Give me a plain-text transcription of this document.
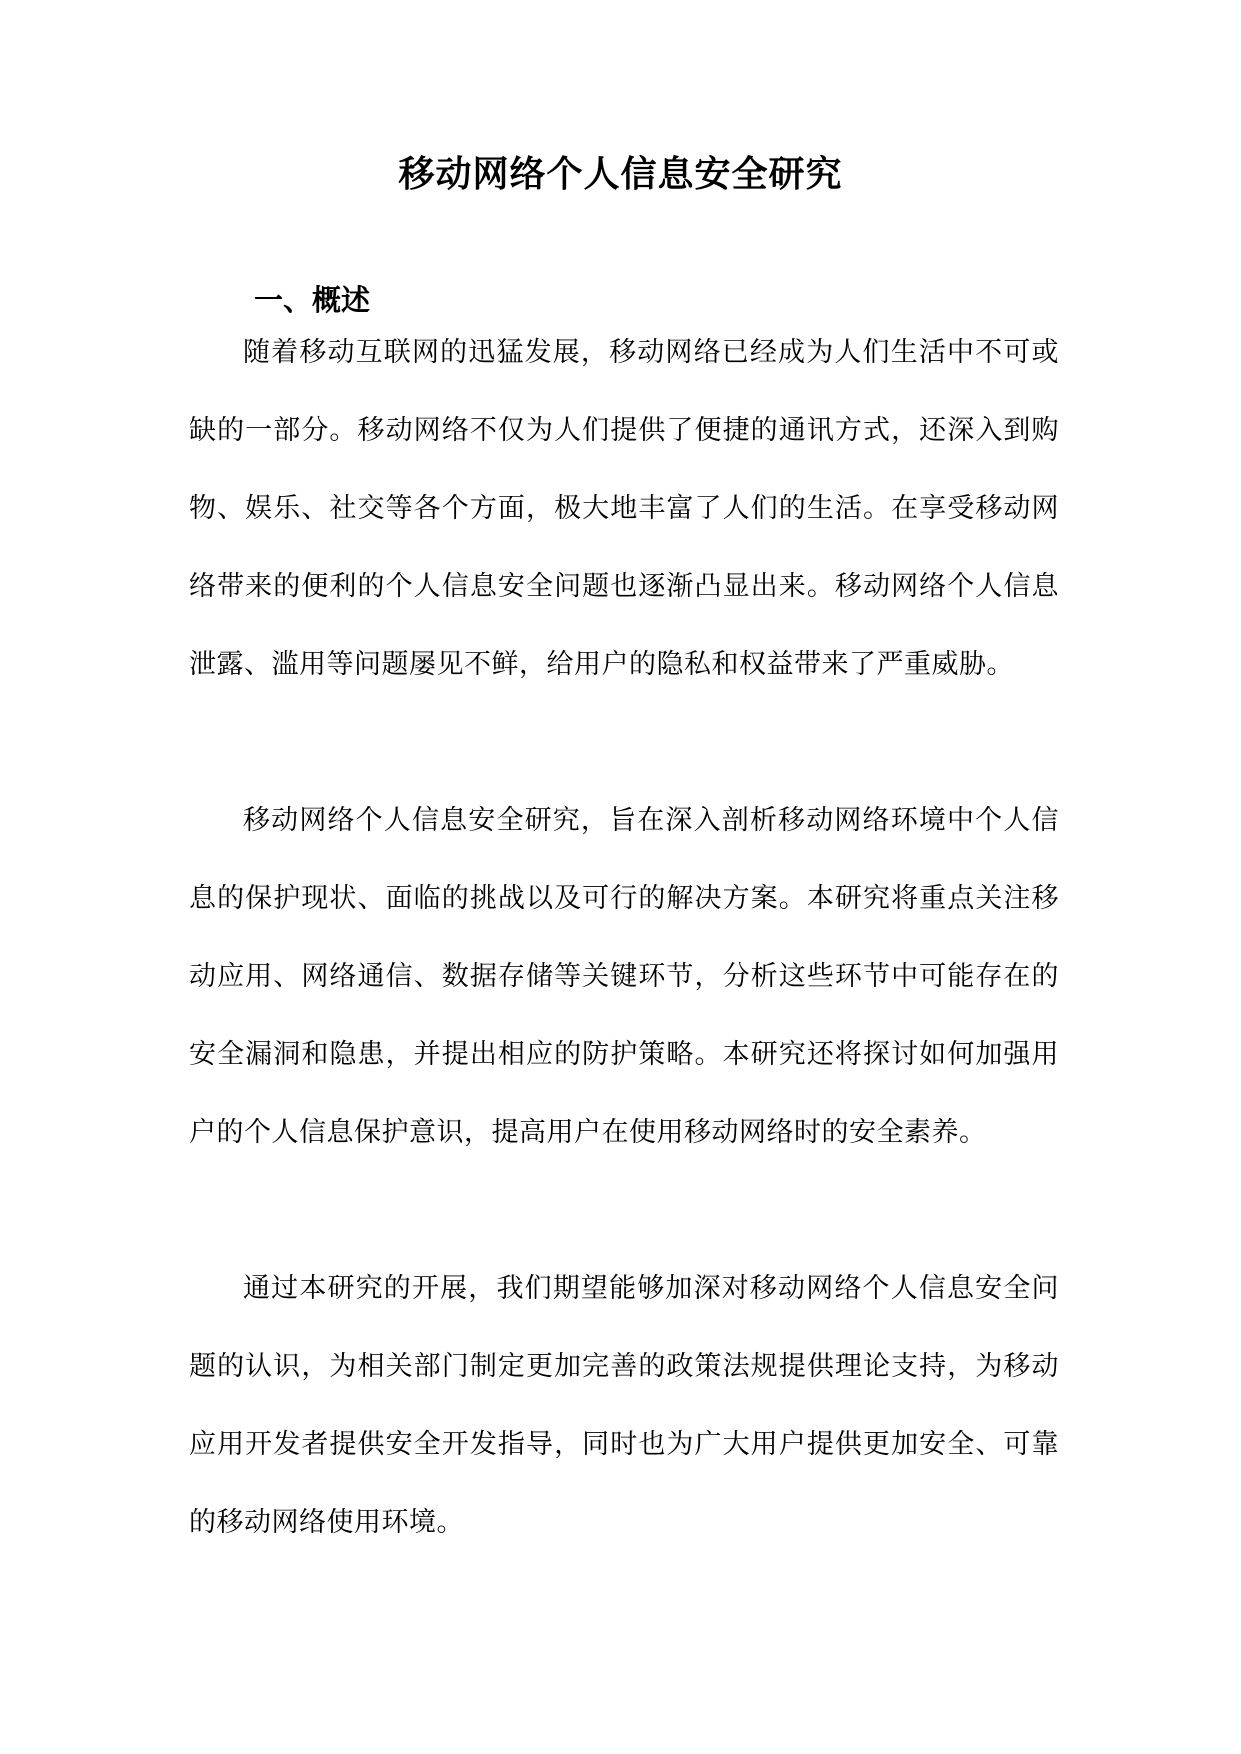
移动网络个人信息安全研究
一、概述

随着移动互联网的迅猛发展，移动网络已经成为人们生活中不可或缺的一部分。移动网络不仅为人们提供了便捷的通讯方式，还深入到购物、娱乐、社交等各个方面，极大地丰富了人们的生活。在享受移动网络带来的便利的个人信息安全问题也逐渐凸显出来。移动网络个人信息泄露、滥用等问题屡见不鲜，给用户的隐私和权益带来了严重威胁。

移动网络个人信息安全研究，旨在深入剖析移动网络环境中个人信息的保护现状、面临的挑战以及可行的解决方案。本研究将重点关注移动应用、网络通信、数据存储等关键环节，分析这些环节中可能存在的安全漏洞和隐患，并提出相应的防护策略。本研究还将探讨如何加强用户的个人信息保护意识，提高用户在使用移动网络时的安全素养。

通过本研究的开展，我们期望能够加深对移动网络个人信息安全问题的认识，为相关部门制定更加完善的政策法规提供理论支持，为移动应用开发者提供安全开发指导，同时也为广大用户提供更加安全、可靠的移动网络使用环境。
